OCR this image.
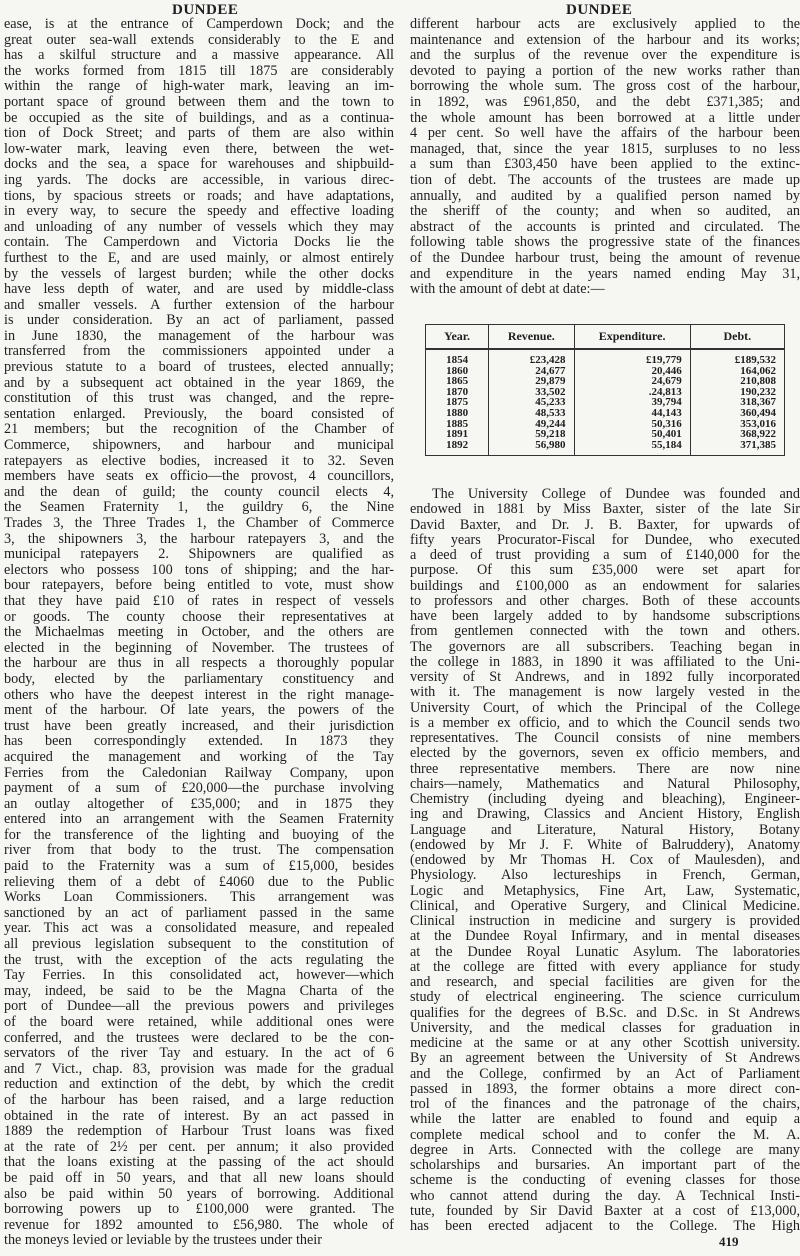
DUNDEE	DUNDEE
ease, is at the entrance of Camperdown Dock; and the
great outer sea-wall extends considerably to the E and
has a skilful structure and a massive appearance. All
the works formed from 1815 till 1875 are considerably
within the range of high-water mark, leaving an im-
portant space of ground between them and the town to
be occupied as the site of buildings, and as a continua-
tion of Dock Street; and parts of them are also within
low-water mark, leaving even there, between the wet-
docks and the sea, a space for warehouses and shipbuild-
ing yards. The docks are accessible, in various direc-
tions, by spacious streets or roads; and have adaptations,
in every way, to secure the speedy and effective loading
and unloading of any number of vessels which they may
contain. The Camperdown and Victoria Docks lie the
furthest to the E, and are used mainly, or almost entirely
by the vessels of largest burden; while the other docks
have less depth of water, and are used by middle-class
and smaller vessels. A further extension of the harbour
is under consideration. By an act of parliament, passed
in June 1830, the management of the harbour was
transferred from the commissioners appointed under a
previous statute to a board of trustees, elected annually;
and by a subsequent act obtained in the year 1869, the
constitution of this trust was changed, and the repre-
sentation enlarged. Previously, the board consisted of
21 members; but the recognition of the Chamber of
Commerce, shipowners, and harbour and municipal
ratepayers as elective bodies, increased it to 32. Seven
members have seats ex officio—the provost, 4 councillors,
and the dean of guild; the county council elects 4,
the Seamen Fraternity 1, the guildry 6, the Nine
Trades 3, the Three Trades 1, the Chamber of Commerce
3, the shipowners 3, the harbour ratepayers 3, and the
municipal ratepayers 2. Shipowners are qualified as
electors who possess 100 tons of shipping; and the har-
bour ratepayers, before being entitled to vote, must show
that they have paid £10 of rates in respect of vessels
or goods. The county choose their representatives at
the Michaelmas meeting in October, and the others are
elected in the beginning of November. The trustees of
the harbour are thus in all respects a thoroughly popular
body, elected by the parliamentary constituency and
others who have the deepest interest in the right manage-
ment of the harbour. Of late years, the powers of the
trust have been greatly increased, and their jurisdiction
has been correspondingly extended. In 1873 they
acquired the management and working of the Tay
Ferries from the Caledonian Railway Company, upon
payment of a sum of £20,000—the purchase involving
an outlay altogether of £35,000; and in 1875 they
entered into an arrangement with the Seamen Fraternity
for the transference of the lighting and buoying of the
river from that body to the trust. The compensation
paid to the Fraternity was a sum of £15,000, besides
relieving them of a debt of £4060 due to the Public
Works Loan Commissioners. This arrangement was
sanctioned by an act of parliament passed in the same
year. This act was a consolidated measure, and repealed
all previous legislation subsequent to the constitution of
the trust, with the exception of the acts regulating the
Tay Ferries. In this consolidated act, however—which
may, indeed, be said to be the Magna Charta of the
port of Dundee—all the previous powers and privileges
of the board were retained, while additional ones were
conferred, and the trustees were declared to be the con-
servators of the river Tay and estuary. In the act of 6
and 7 Vict., chap. 83, provision was made for the gradual
reduction and extinction of the debt, by which the credit
of the harbour has been raised, and a large reduction
obtained in the rate of interest. By an act passed in
1889 the redemption of Harbour Trust loans was fixed
at the rate of 2½ per cent. per annum; it also provided
that the loans existing at the passing of the act should
be paid off in 50 years, and that all new loans should
also be paid within 50 years of borrowing. Additional
borrowing powers up to £100,000 were granted. The
revenue for 1892 amounted to £56,980. The whole of
the moneys levied or leviable by the trustees under their
different harbour acts are exclusively applied to the
maintenance and extension of the harbour and its works;
and the surplus of the revenue over the expenditure is
devoted to paying a portion of the new works rather than
borrowing the whole sum. The gross cost of the harbour,
in 1892, was £961,850, and the debt £371,385; and
the whole amount has been borrowed at a little under
4 per cent. So well have the affairs of the harbour been
managed, that, since the year 1815, surpluses to no less
a sum than £303,450 have been applied to the extinc-
tion of debt. The accounts of the trustees are made up
annually, and audited by a qualified person named by
the sheriff of the county; and when so audited, an
abstract of the accounts is printed and circulated. The
following table shows the progressive state of the finances
of the Dundee harbour trust, being the amount of revenue
and expenditure in the years named ending May 31,
with the amount of debt at date:—
Year.	Revenue.	Expenditure.	Debt.
1854	£23,428	£19,779	£189,532
1860	24,677	20,446	164,062
1865	29,879	24,679	210,808
1870	33,502	.24,813	190,232
1875	45,233	39,794	318,367
1880	48,533	44,143	360,494
1885	49,244	50,316	353,016
1891	59,218	50,401	368,922
1892	56,980	55,184	371,385
The University College of Dundee was founded and
endowed in 1881 by Miss Baxter, sister of the late Sir
David Baxter, and Dr. J. B. Baxter, for upwards of
fifty years Procurator-Fiscal for Dundee, who executed
a deed of trust providing a sum of £140,000 for the
purpose. Of this sum £35,000 were set apart for
buildings and £100,000 as an endowment for salaries
to professors and other charges. Both of these accounts
have been largely added to by handsome subscriptions
from gentlemen connected with the town and others.
The governors are all subscribers. Teaching began in
the college in 1883, in 1890 it was affiliated to the Uni-
versity of St Andrews, and in 1892 fully incorporated
with it. The management is now largely vested in the
University Court, of which the Principal of the College
is a member ex officio, and to which the Council sends two
representatives. The Council consists of nine members
elected by the governors, seven ex officio members, and
three representative members. There are now nine
chairs—namely, Mathematics and Natural Philosophy,
Chemistry (including dyeing and bleaching), Engineer-
ing and Drawing, Classics and Ancient History, English
Language and Literature, Natural History, Botany
(endowed by Mr J. F. White of Balruddery), Anatomy
(endowed by Mr Thomas H. Cox of Maulesden), and
Physiology. Also lectureships in French, German,
Logic and Metaphysics, Fine Art, Law, Systematic,
Clinical, and Operative Surgery, and Clinical Medicine.
Clinical instruction in medicine and surgery is provided
at the Dundee Royal Infirmary, and in mental diseases
at the Dundee Royal Lunatic Asylum. The laboratories
at the college are fitted with every appliance for study
and research, and special facilities are given for the
study of electrical engineering. The science curriculum
qualifies for the degrees of B.Sc. and D.Sc. in St Andrews
University, and the medical classes for graduation in
medicine at the same or at any other Scottish university.
By an agreement between the University of St Andrews
and the College, confirmed by an Act of Parliament
passed in 1893, the former obtains a more direct con-
trol of the finances and the patronage of the chairs,
while the latter are enabled to found and equip a
complete medical school and to confer the M. A.
degree in Arts. Connected with the college are many
scholarships and bursaries. An important part of the
scheme is the conducting of evening classes for those
who cannot attend during the day. A Technical Insti-
tute, founded by Sir David Baxter at a cost of £13,000,
has been erected adjacent to the College. The High
419
